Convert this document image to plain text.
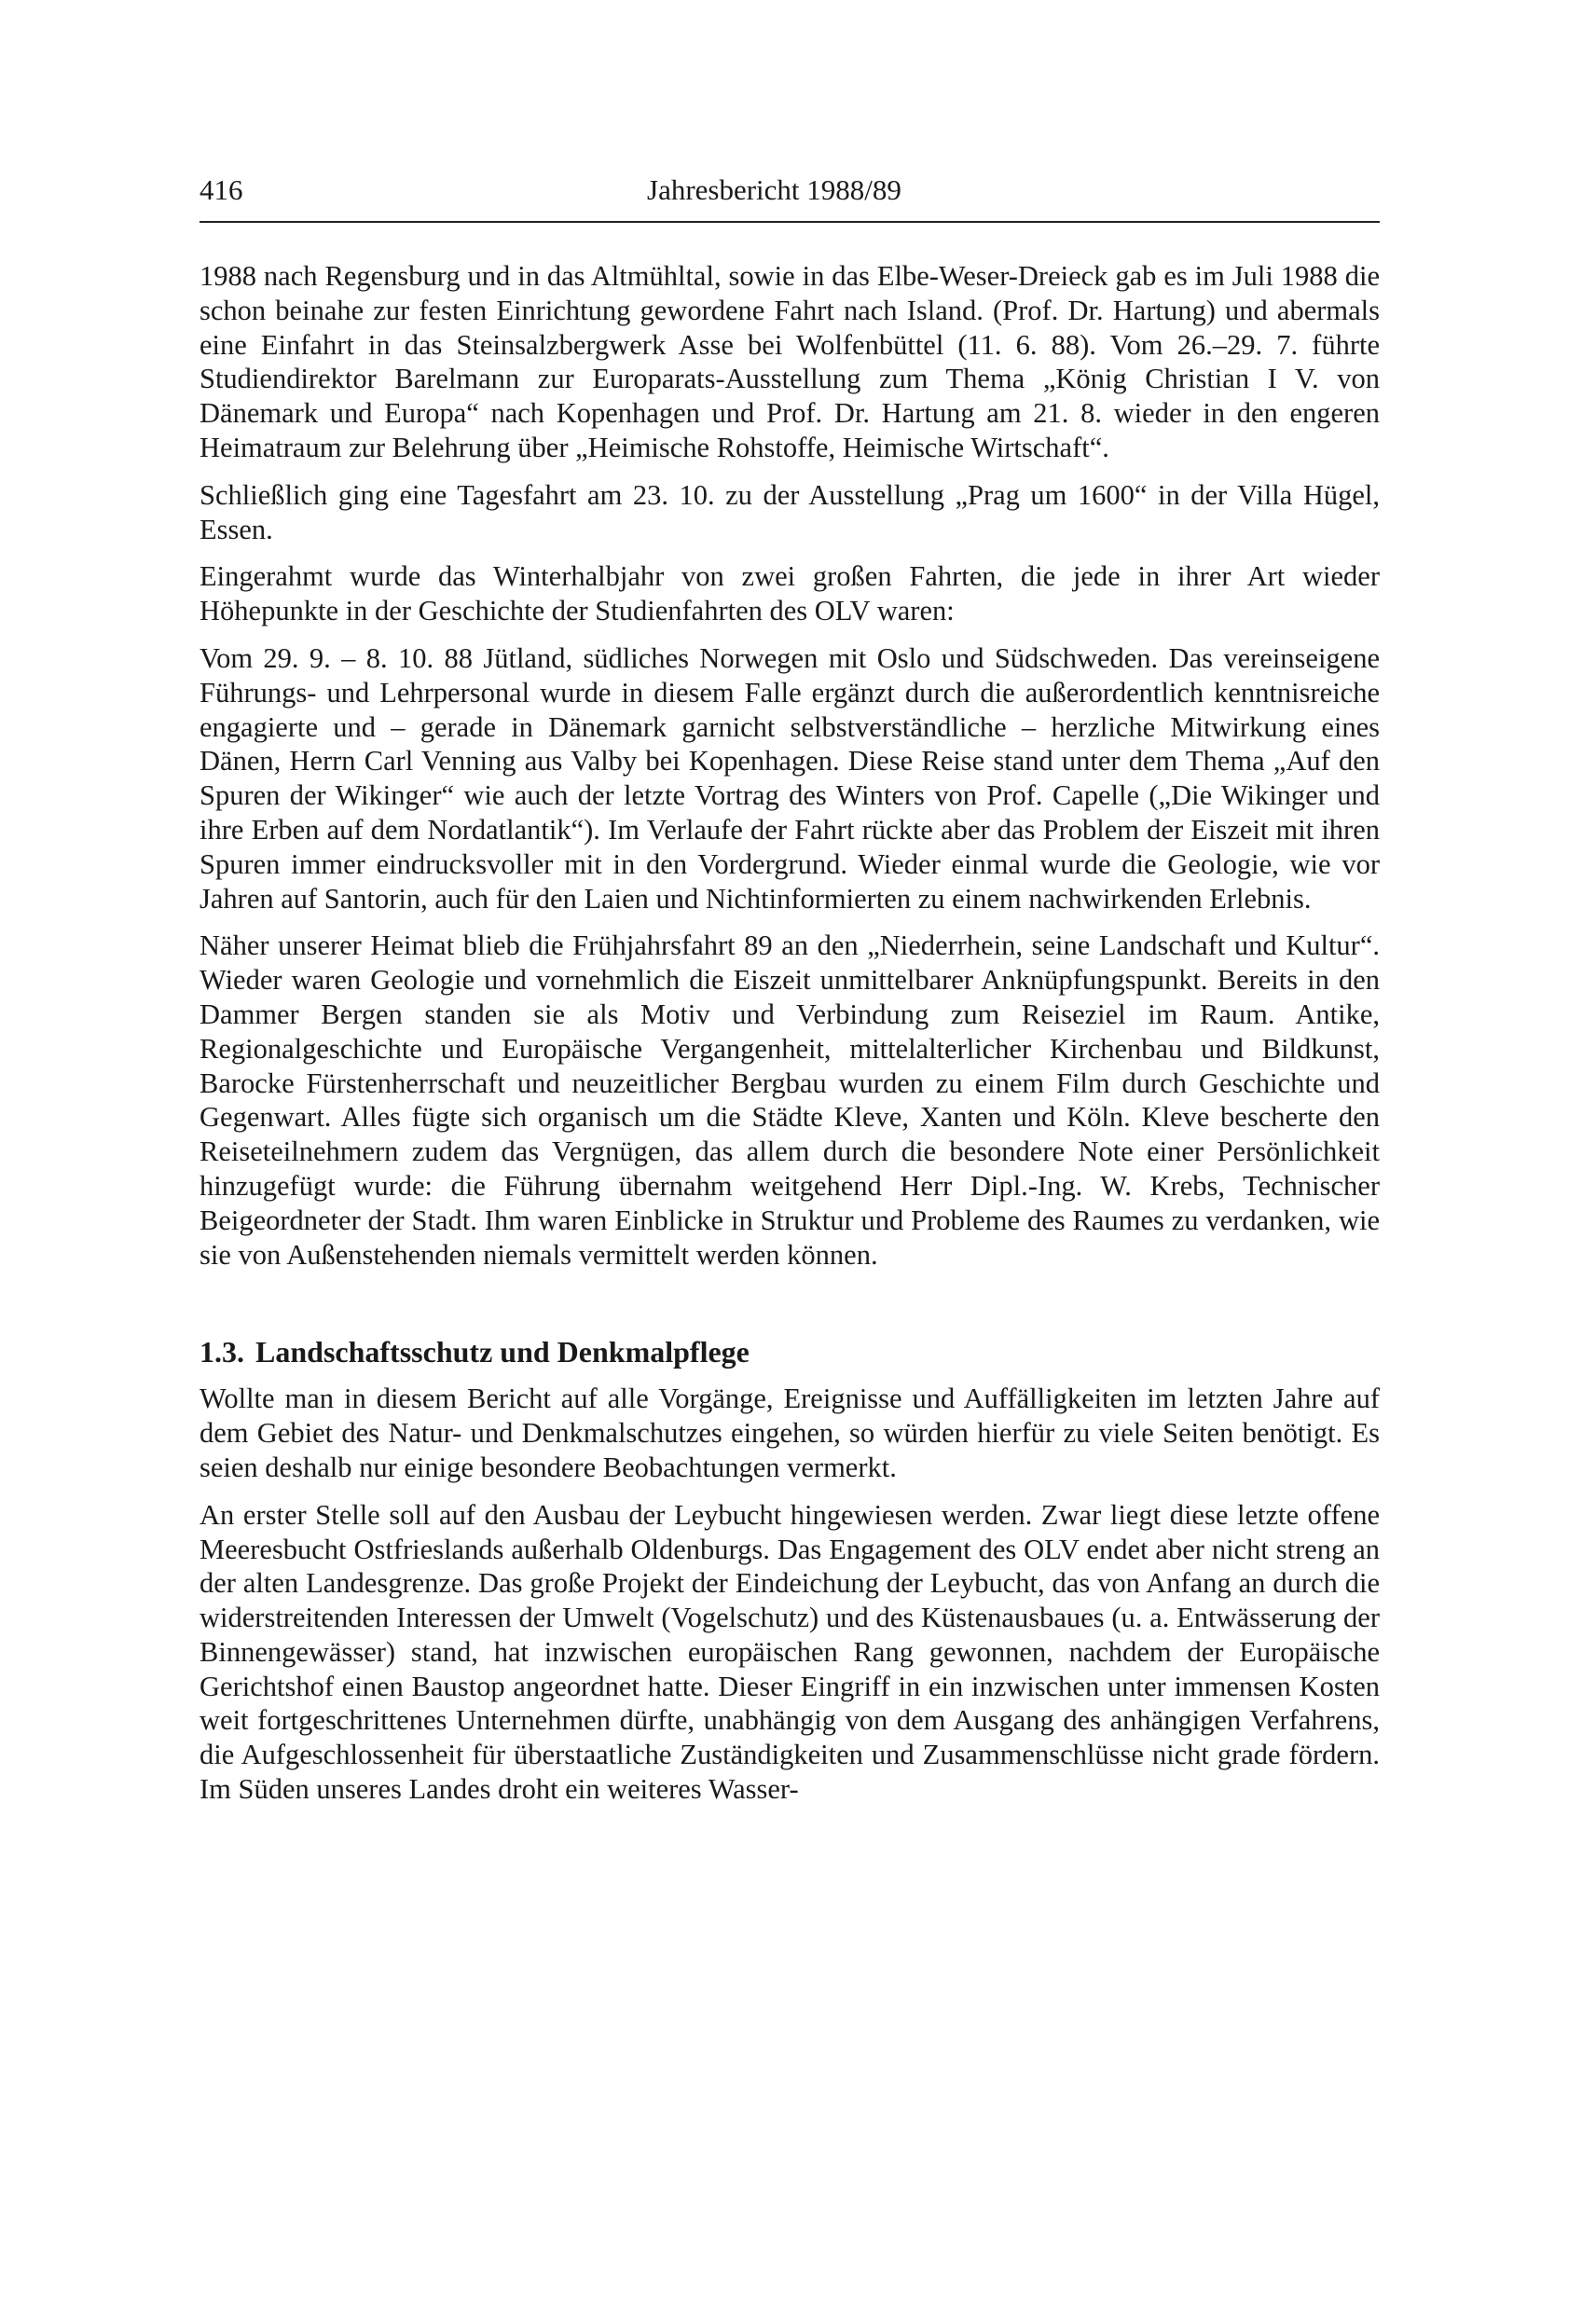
416	Jahresbericht 1988/89

1988 nach Regensburg und in das Altmühltal, sowie in das Elbe-Weser-Dreieck gab es im Juli 1988 die schon beinahe zur festen Einrichtung gewordene Fahrt nach Island. (Prof. Dr. Hartung) und abermals eine Einfahrt in das Steinsalzbergwerk Asse bei Wolfenbüttel (11. 6. 88). Vom 26.–29. 7. führte Studiendirektor Barelmann zur Europarats-Ausstellung zum Thema „König Christian I V. von Dänemark und Europa“ nach Kopenhagen und Prof. Dr. Hartung am 21. 8. wieder in den engeren Heimatraum zur Belehrung über „Heimische Rohstoffe, Heimische Wirtschaft“.

Schließlich ging eine Tagesfahrt am 23. 10. zu der Ausstellung „Prag um 1600“ in der Villa Hügel, Essen.

Eingerahmt wurde das Winterhalbjahr von zwei großen Fahrten, die jede in ihrer Art wieder Höhepunkte in der Geschichte der Studienfahrten des OLV waren:

Vom 29. 9. – 8. 10. 88 Jütland, südliches Norwegen mit Oslo und Südschweden. Das vereinseigene Führungs- und Lehrpersonal wurde in diesem Falle ergänzt durch die außerordentlich kenntnisreiche engagierte und – gerade in Dänemark garnicht selbstverständliche – herzliche Mitwirkung eines Dänen, Herrn Carl Venning aus Valby bei Kopenhagen. Diese Reise stand unter dem Thema „Auf den Spuren der Wikinger“ wie auch der letzte Vortrag des Winters von Prof. Capelle („Die Wikinger und ihre Erben auf dem Nordatlantik“). Im Verlaufe der Fahrt rückte aber das Problem der Eiszeit mit ihren Spuren immer eindrucksvoller mit in den Vordergrund. Wieder einmal wurde die Geologie, wie vor Jahren auf Santorin, auch für den Laien und Nichtinformierten zu einem nachwirkenden Erlebnis.

Näher unserer Heimat blieb die Frühjahrsfahrt 89 an den „Niederrhein, seine Landschaft und Kultur“. Wieder waren Geologie und vornehmlich die Eiszeit unmittelbarer Anknüpfungspunkt. Bereits in den Dammer Bergen standen sie als Motiv und Verbindung zum Reiseziel im Raum. Antike, Regionalgeschichte und Europäische Vergangenheit, mittelalterlicher Kirchenbau und Bildkunst, Barocke Fürstenherrschaft und neuzeitlicher Bergbau wurden zu einem Film durch Geschichte und Gegenwart. Alles fügte sich organisch um die Städte Kleve, Xanten und Köln. Kleve bescherte den Reiseteilnehmern zudem das Vergnügen, das allem durch die besondere Note einer Persönlichkeit hinzugefügt wurde: die Führung übernahm weitgehend Herr Dipl.-Ing. W. Krebs, Technischer Beigeordneter der Stadt. Ihm waren Einblicke in Struktur und Probleme des Raumes zu verdanken, wie sie von Außenstehenden niemals vermittelt werden können.

1.3. Landschaftsschutz und Denkmalpflege

Wollte man in diesem Bericht auf alle Vorgänge, Ereignisse und Auffälligkeiten im letzten Jahre auf dem Gebiet des Natur- und Denkmalschutzes eingehen, so würden hierfür zu viele Seiten benötigt. Es seien deshalb nur einige besondere Beobachtungen vermerkt.

An erster Stelle soll auf den Ausbau der Leybucht hingewiesen werden. Zwar liegt diese letzte offene Meeresbucht Ostfrieslands außerhalb Oldenburgs. Das Engagement des OLV endet aber nicht streng an der alten Landesgrenze. Das große Projekt der Eindeichung der Leybucht, das von Anfang an durch die widerstreitenden Interessen der Umwelt (Vogelschutz) und des Küstenausbaues (u. a. Entwässerung der Binnengewässer) stand, hat inzwischen europäischen Rang gewonnen, nachdem der Europäische Gerichtshof einen Baustop angeordnet hatte. Dieser Eingriff in ein inzwischen unter immensen Kosten weit fortgeschrittenes Unternehmen dürfte, unabhängig von dem Ausgang des anhängigen Verfahrens, die Aufgeschlossenheit für überstaatliche Zuständigkeiten und Zusammenschlüsse nicht grade fördern. Im Süden unseres Landes droht ein weiteres Wasser-
